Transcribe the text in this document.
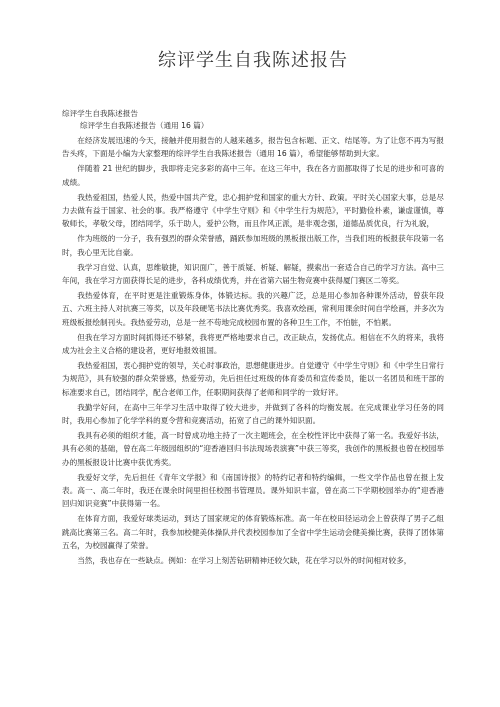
综评学生自我陈述报告
综评学生自我陈述报告
综评学生自我陈述报告（通用 16 篇）

在经济发展迅速的今天，接触并使用报告的人越来越多，报告包含标题、正文、结尾等。为了让您不再为写报告头疼，下面是小编为大家整理的综评学生自我陈述报告（通用 16 篇），希望能够帮助到大家。

伴随着 21 世纪的脚步，我即将走完多彩的高中三年。在这三年中，我在各方面都取得了长足的进步和可喜的成绩。

我热爱祖国，热爱人民，热爱中国共产党，忠心拥护党和国家的重大方针、政策。平时关心国家大事，总是尽力去做有益于国家、社会的事。我严格遵守《中学生守则》和《中学生行为规范》，平时勤俭朴素，谦虚谨慎，尊敬师长，孝敬父母，团结同学，乐于助人，爱护公物，而且作风正派，是非观念强，道德品质优良，行为礼貌，

作为班级的一分子，我有强烈的群众荣誉感，踊跃参加班级的黑板报出版工作，当我们班的板报获年段第一名时，我心里无比自豪。

我学习自觉、认真，思维敏捷，知识面广，善于质疑、析疑、解疑，摸索出一套适合自己的学习方法。高中三年间，我在学习方面获得长足的进步，各科成绩优秀，并在省第六届生物竞赛中获得厦门赛区二等奖。

我热爱体育，在平时更是注重锻炼身体，体锻达标。我的兴趣广泛，总是用心参加各种课外活动，曾获年段五、六班主持人对抗赛三等奖，以及年段硬笔书法比赛优秀奖。我喜欢绘画，常利用课余时间自学绘画，并多次为班级板报绘制刊头。我热爱劳动，总是一丝不苟地完成校园布置的各种卫生工作，不怕脏，不怕累。

但我在学习方面时间抓得还不够紧，我将更严格地要求自己，改正缺点，发扬优点。相信在不久的将来，我将成为社会主义合格的建设者，更好地报效祖国。

我热爱祖国，衷心拥护党的领导，关心时事政治，思想健康进步。自觉遵守《中学生守则》和《中学生日常行为规范》，具有较强的群众荣誉感，热爱劳动，先后担任过班级的体育委员和宣传委员，能以一名团员和班干部的标准要求自己，团结同学，配合老师工作，任职期间获得了老师和同学的一致好评。

我勤学好问，在高中三年学习生活中取得了较大进步，并做到了各科的均衡发展。在完成课业学习任务的同时，我用心参加了化学学科的夏令营和竞赛活动，拓宽了自己的课外知识面。

我具有必须的组织才能，高一时曾成功地主持了一次主题班会，在全校性评比中获得了第一名。我爱好书法，具有必须的基础，曾在高二年级园组织的“迎香港回归书法现场表演赛”中获三等奖，我创作的黑板报也曾在校园举办的黑板报设计比赛中获优秀奖。

我爱好文学，先后担任《青年文学报》和《南国诗报》的特约记者和特约编辑，一些文学作品也曾在报上发表。高一、高二年时，我还在课余时间里担任校图书管理员。课外知识丰富，曾在高二下学期校园举办的“迎香港回归知识竞赛”中获得第一名。

在体育方面，我爱好球类运动，到达了国家规定的体育锻炼标准。高一年在校田径运动会上曾获得了男子乙组跳高比赛第三名。高二年时，我参加校健美体操队并代表校园参加了全省中学生运动会健美操比赛，获得了团体第五名，为校园赢得了荣誉。

当然，我也存在一些缺点。例如：在学习上刻苦钻研精神还较欠缺，花在学习以外的时间相对较多，
